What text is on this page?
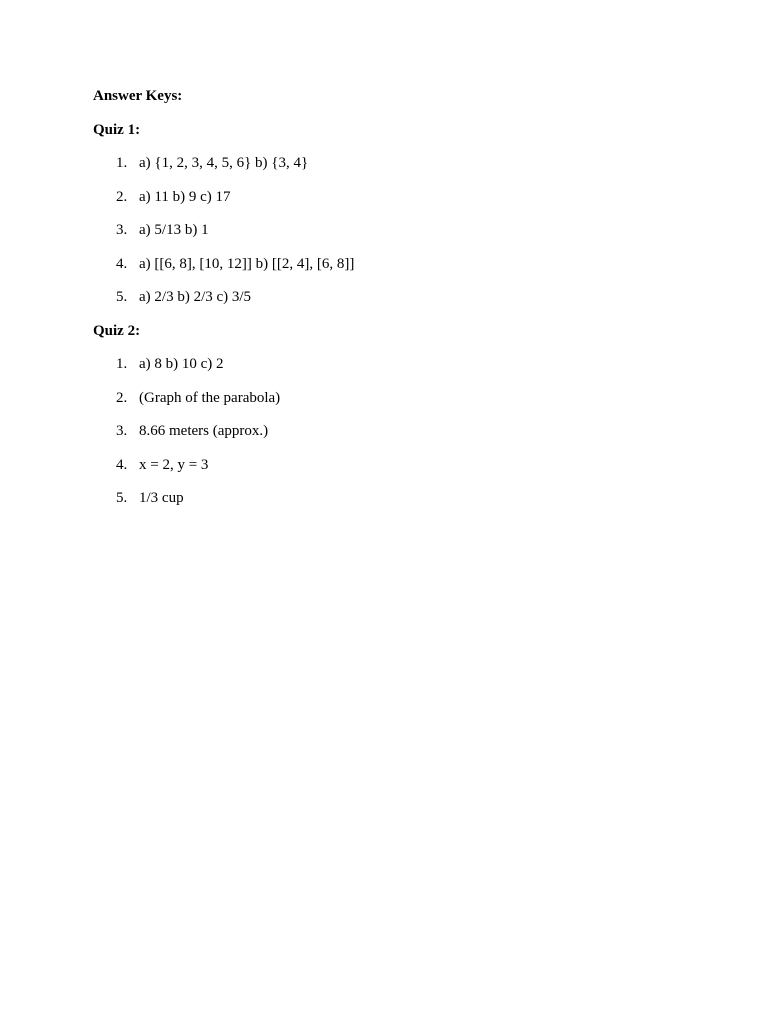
Answer Keys:
Quiz 1:
1. a) {1, 2, 3, 4, 5, 6} b) {3, 4}
2. a) 11 b) 9 c) 17
3. a) 5/13 b) 1
4. a) [[6, 8], [10, 12]] b) [[2, 4], [6, 8]]
5. a) 2/3 b) 2/3 c) 3/5
Quiz 2:
1. a) 8 b) 10 c) 2
2. (Graph of the parabola)
3. 8.66 meters (approx.)
4. x = 2, y = 3
5. 1/3 cup
